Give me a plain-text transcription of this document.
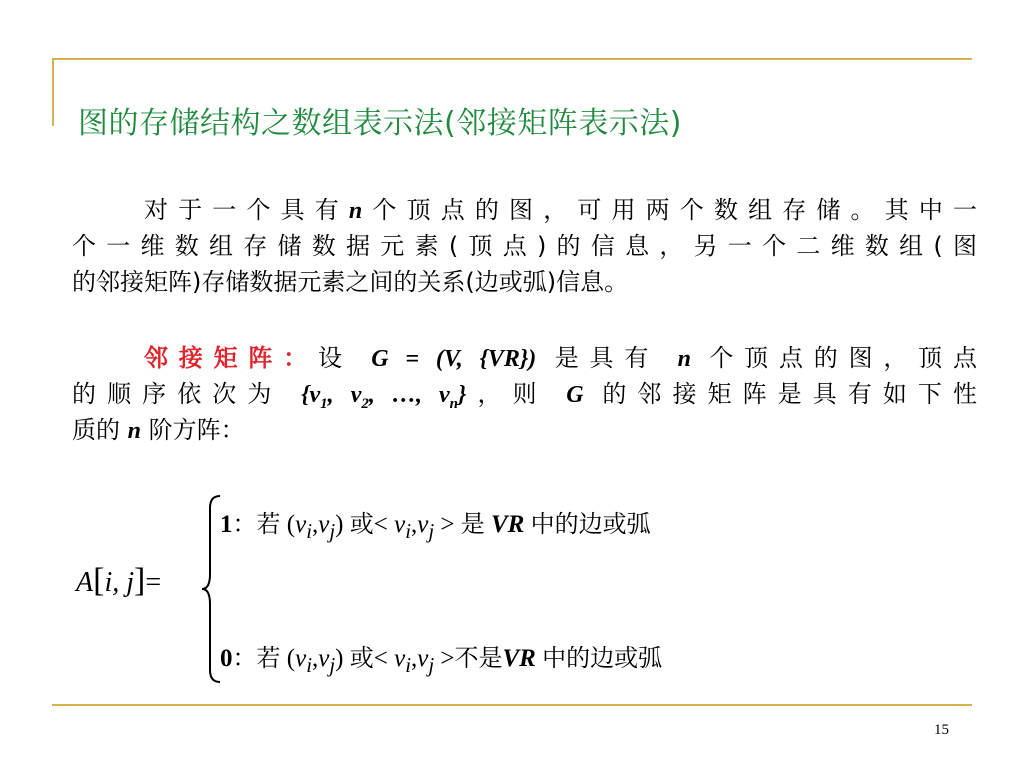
图的存储结构之数组表示法(邻接矩阵表示法)
对于一个具有n个顶点的图，可用两个数组存储。其中一
个一维数组存储数据元素(顶点)的信息，另一个二维数组(图
的邻接矩阵)存储数据元素之间的关系(边或弧)信息。
邻接矩阵：设 G = (V, {VR}) 是具有 n 个顶点的图，顶点
的顺序依次为 {$v_1$, $v_2$, …, $v_n$}，则 G 的邻接矩阵是具有如下性
质的 n 阶方阵：
A[i, j]=
1：若 $(v_i,v_j)$ 或< $v_i,v_j$ > 是 VR 中的边或弧
0：若 $(v_i,v_j)$ 或< $v_i,v_j$ >不是VR 中的边或弧
15
